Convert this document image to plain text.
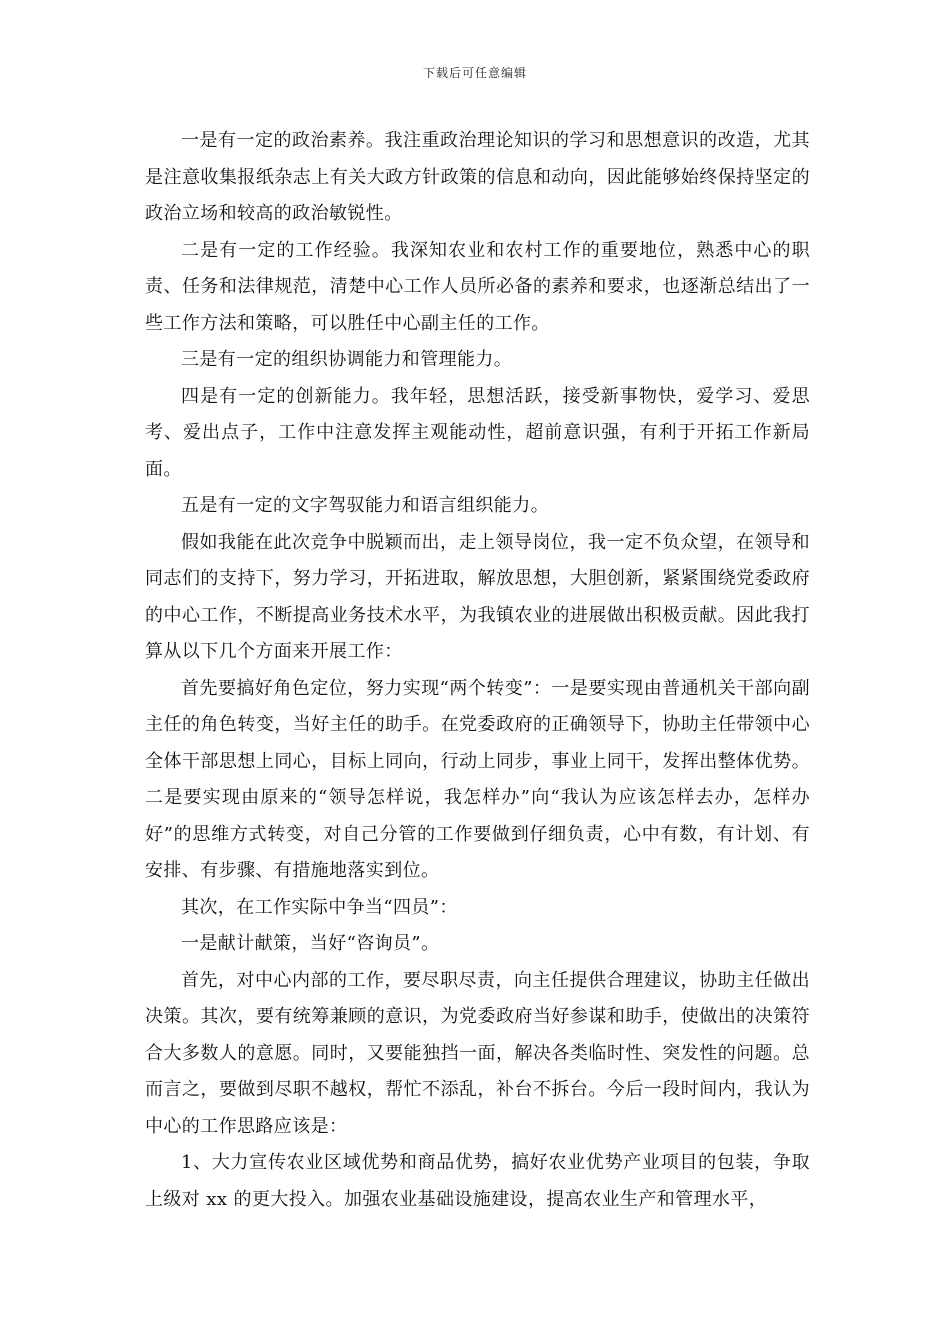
下载后可任意编辑

一是有一定的政治素养。我注重政治理论知识的学习和思想意识的改造，尤其是注意收集报纸杂志上有关大政方针政策的信息和动向，因此能够始终保持坚定的政治立场和较高的政治敏锐性。

二是有一定的工作经验。我深知农业和农村工作的重要地位，熟悉中心的职责、任务和法律规范，清楚中心工作人员所必备的素养和要求，也逐渐总结出了一些工作方法和策略，可以胜任中心副主任的工作。

三是有一定的组织协调能力和管理能力。

四是有一定的创新能力。我年轻，思想活跃，接受新事物快，爱学习、爱思考、爱出点子，工作中注意发挥主观能动性，超前意识强，有利于开拓工作新局面。

五是有一定的文字驾驭能力和语言组织能力。

假如我能在此次竞争中脱颖而出，走上领导岗位，我一定不负众望，在领导和同志们的支持下，努力学习，开拓进取，解放思想，大胆创新，紧紧围绕党委政府的中心工作，不断提高业务技术水平，为我镇农业的进展做出积极贡献。因此我打算从以下几个方面来开展工作：

首先要搞好角色定位，努力实现“两个转变”：一是要实现由普通机关干部向副主任的角色转变，当好主任的助手。在党委政府的正确领导下，协助主任带领中心全体干部思想上同心，目标上同向，行动上同步，事业上同干，发挥出整体优势。二是要实现由原来的“领导怎样说，我怎样办”向“我认为应该怎样去办，怎样办好”的思维方式转变，对自己分管的工作要做到仔细负责，心中有数，有计划、有安排、有步骤、有措施地落实到位。

其次，在工作实际中争当“四员”：

一是献计献策，当好“咨询员”。

首先，对中心内部的工作，要尽职尽责，向主任提供合理建议，协助主任做出决策。其次，要有统筹兼顾的意识，为党委政府当好参谋和助手，使做出的决策符合大多数人的意愿。同时，又要能独挡一面，解决各类临时性、突发性的问题。总而言之，要做到尽职不越权，帮忙不添乱，补台不拆台。今后一段时间内，我认为中心的工作思路应该是：

1、大力宣传农业区域优势和商品优势，搞好农业优势产业项目的包装，争取上级对 xx 的更大投入。加强农业基础设施建设，提高农业生产和管理水平，
